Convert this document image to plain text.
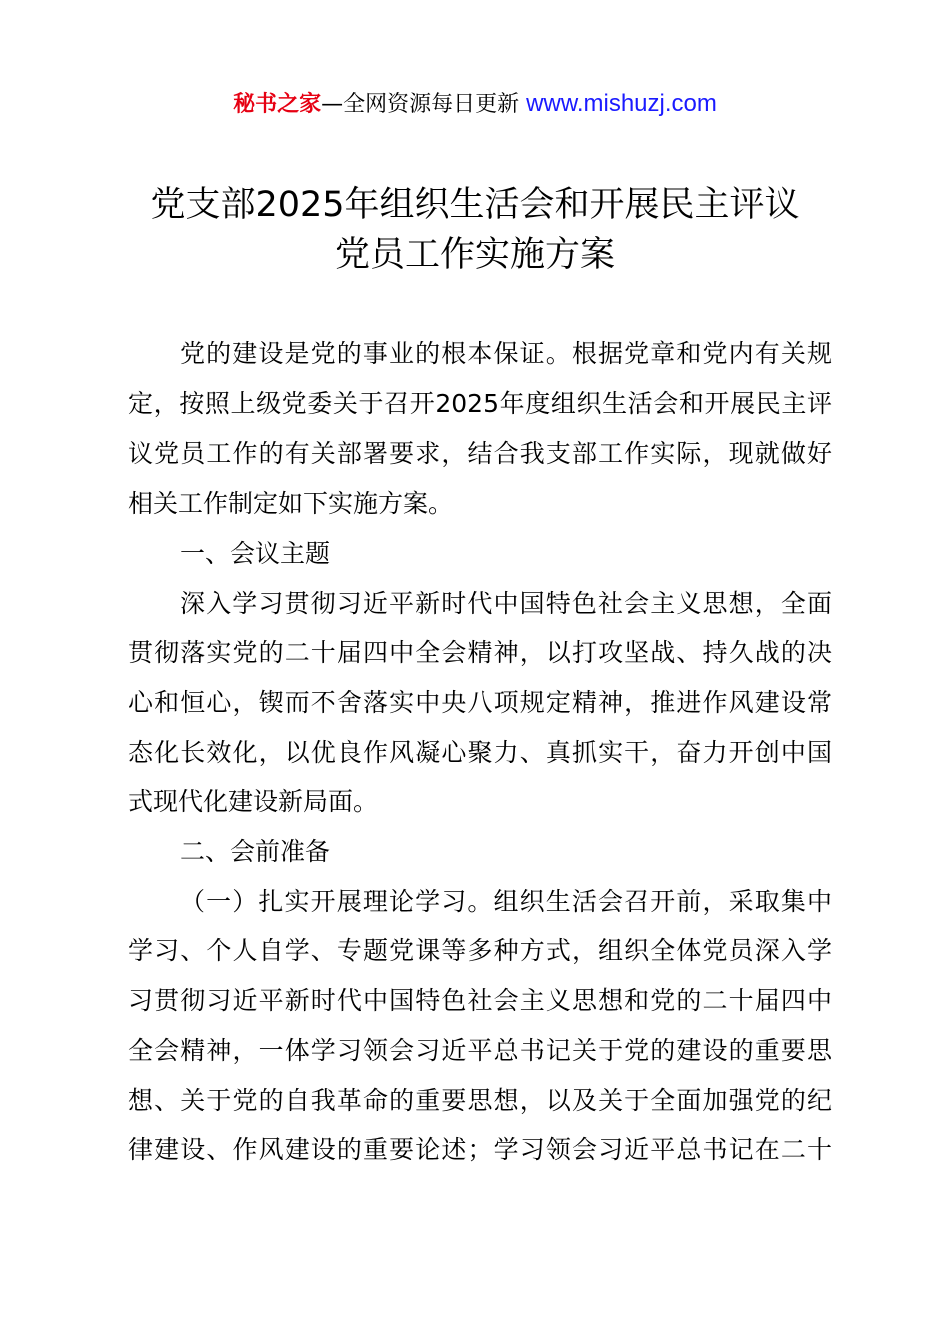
秘书之家—全网资源每日更新 www.mishuzj.com
党支部2025年组织生活会和开展民主评议
党员工作实施方案
党的建设是党的事业的根本保证。根据党章和党内有关规
定，按照上级党委关于召开2025年度组织生活会和开展民主评
议党员工作的有关部署要求，结合我支部工作实际，现就做好
相关工作制定如下实施方案。
一、会议主题
深入学习贯彻习近平新时代中国特色社会主义思想，全面
贯彻落实党的二十届四中全会精神，以打攻坚战、持久战的决
心和恒心，锲而不舍落实中央八项规定精神，推进作风建设常
态化长效化，以优良作风凝心聚力、真抓实干，奋力开创中国
式现代化建设新局面。
二、会前准备
（一）扎实开展理论学习。组织生活会召开前，采取集中
学习、个人自学、专题党课等多种方式，组织全体党员深入学
习贯彻习近平新时代中国特色社会主义思想和党的二十届四中
全会精神，一体学习领会习近平总书记关于党的建设的重要思
想、关于党的自我革命的重要思想，以及关于全面加强党的纪
律建设、作风建设的重要论述；学习领会习近平总书记在二十
